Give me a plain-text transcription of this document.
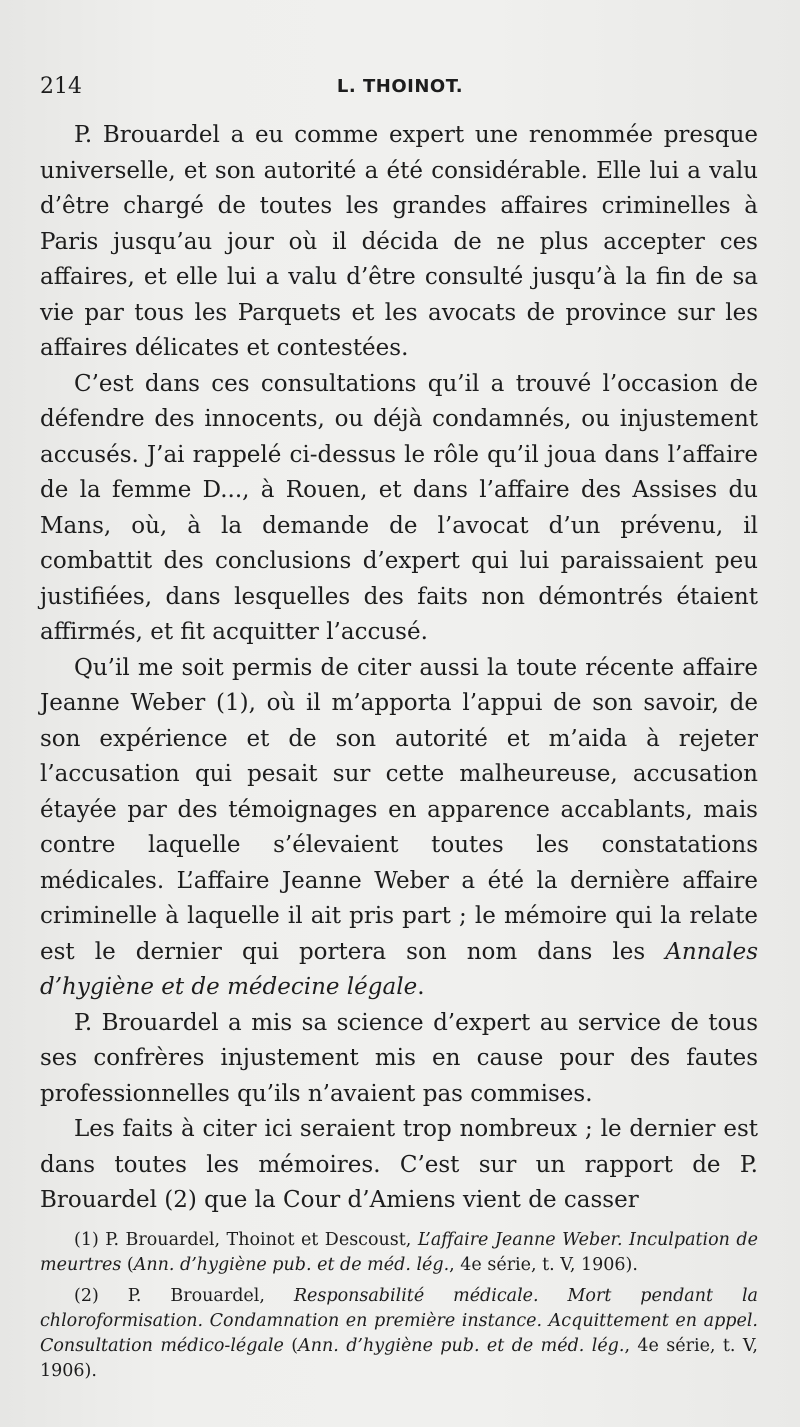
214	L. THOINOT.

P. Brouardel a eu comme expert une renommée presque universelle, et son autorité a été considérable. Elle lui a valu d’être chargé de toutes les grandes affaires criminelles à Paris jusqu’au jour où il décida de ne plus accepter ces affaires, et elle lui a valu d’être consulté jusqu’à la fin de sa vie par tous les Parquets et les avocats de province sur les affaires délicates et contestées.

C’est dans ces consultations qu’il a trouvé l’occasion de défendre des innocents, ou déjà condamnés, ou injustement accusés. J’ai rappelé ci-dessus le rôle qu’il joua dans l’affaire de la femme D..., à Rouen, et dans l’affaire des Assises du Mans, où, à la demande de l’avocat d’un prévenu, il combattit des conclusions d’expert qui lui paraissaient peu justifiées, dans lesquelles des faits non démontrés étaient affirmés, et fit acquitter l’accusé.

Qu’il me soit permis de citer aussi la toute récente affaire Jeanne Weber (1), où il m’apporta l’appui de son savoir, de son expérience et de son autorité et m’aida à rejeter l’accusation qui pesait sur cette malheureuse, accusation étayée par des témoignages en apparence accablants, mais contre laquelle s’élevaient toutes les constatations médicales. L’affaire Jeanne Weber a été la dernière affaire criminelle à laquelle il ait pris part ; le mémoire qui la relate est le dernier qui portera son nom dans les Annales d’hygiène et de médecine légale.

P. Brouardel a mis sa science d’expert au service de tous ses confrères injustement mis en cause pour des fautes professionnelles qu’ils n’avaient pas commises.

Les faits à citer ici seraient trop nombreux ; le dernier est dans toutes les mémoires. C’est sur un rapport de P. Brouardel (2) que la Cour d’Amiens vient de casser

(1) P. Brouardel, Thoinot et Descoust, L’affaire Jeanne Weber. Inculpation de meurtres (Ann. d’hygiène pub. et de méd. lég., 4e série, t. V, 1906).

(2) P. Brouardel, Responsabilité médicale. Mort pendant la chloroformisation. Condamnation en première instance. Acquittement en appel. Consultation médico-légale (Ann. d’hygiène pub. et de méd. lég., 4e série, t. V, 1906).
